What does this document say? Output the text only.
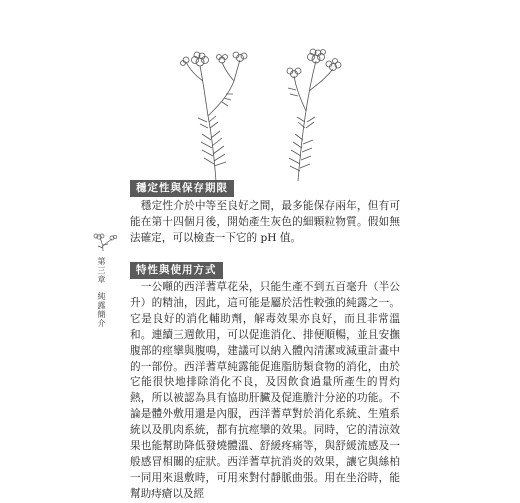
穩定性與保存期限

　穩定性介於中等至良好之間，最多能保存兩年，但有可能在第十四個月後，開始產生灰色的細顆粒物質。假如無法確定，可以檢查一下它的 pH 值。

第三章純露簡介
特性與使用方式

　一公噸的西洋蓍草花朵，只能生產不到五百毫升（半公升）的精油，因此，這可能是屬於活性較強的純露之一。它是良好的消化輔助劑，解毒效果亦良好，而且非常溫和。連續三週飲用，可以促進消化、排便順暢，並且安撫腹部的痙攣與腹鳴，建議可以納入體內清潔或減重計畫中的一部份。西洋蓍草純露能促進脂肪類食物的消化，由於它能很快地排除消化不良，及因飲食過量所產生的胃灼熱，所以被認為具有協助肝臟及促進膽汁分泌的功能。不論是體外敷用還是內服，西洋蓍草對於消化系統、生殖系統以及肌肉系統，都有抗痙攣的效果。同時，它的清涼效果也能幫助降低發燒體溫、舒緩疼痛等，與舒緩流感及一般感冒相關的症狀。西洋蓍草抗消炎的效果，讓它與絲柏一同用來退敷時，可用來對付靜脈曲張。用在坐浴時，能幫助痔瘡以及經
